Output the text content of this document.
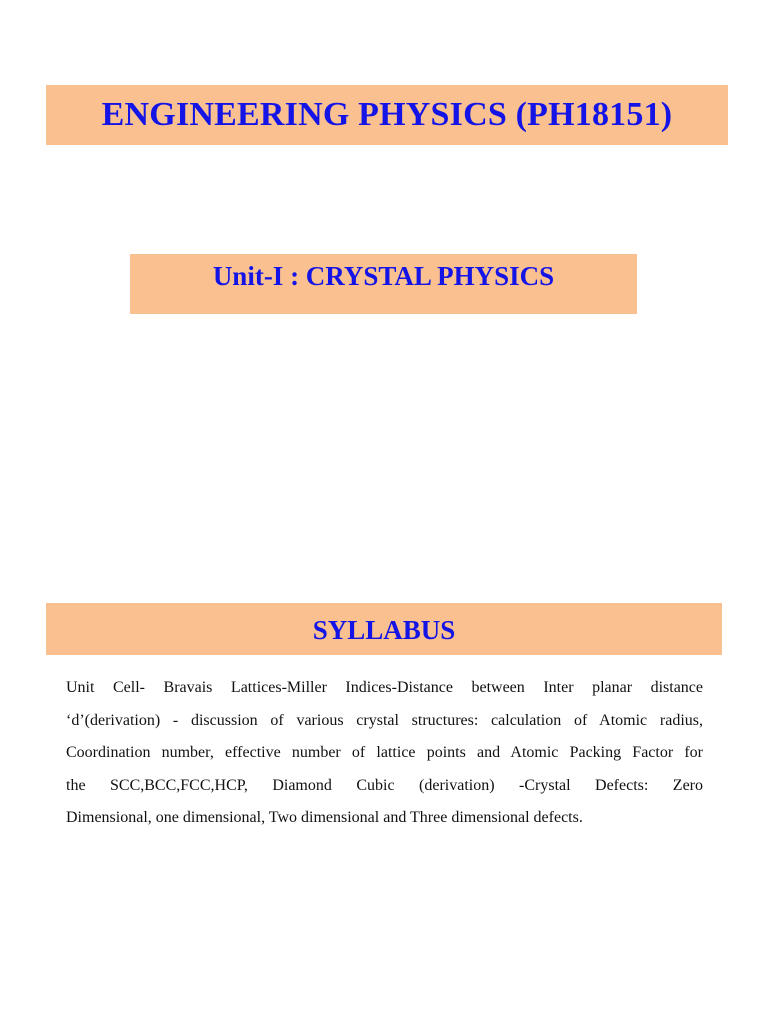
ENGINEERING PHYSICS (PH18151)
Unit-I : CRYSTAL PHYSICS
SYLLABUS
Unit Cell- Bravais Lattices-Miller Indices-Distance between Inter planar distance
‘d’(derivation) - discussion of various crystal structures: calculation of Atomic radius,
Coordination number, effective number of lattice points and Atomic Packing Factor for
the SCC,BCC,FCC,HCP, Diamond Cubic (derivation) -Crystal Defects: Zero
Dimensional, one dimensional, Two dimensional and Three dimensional defects.
